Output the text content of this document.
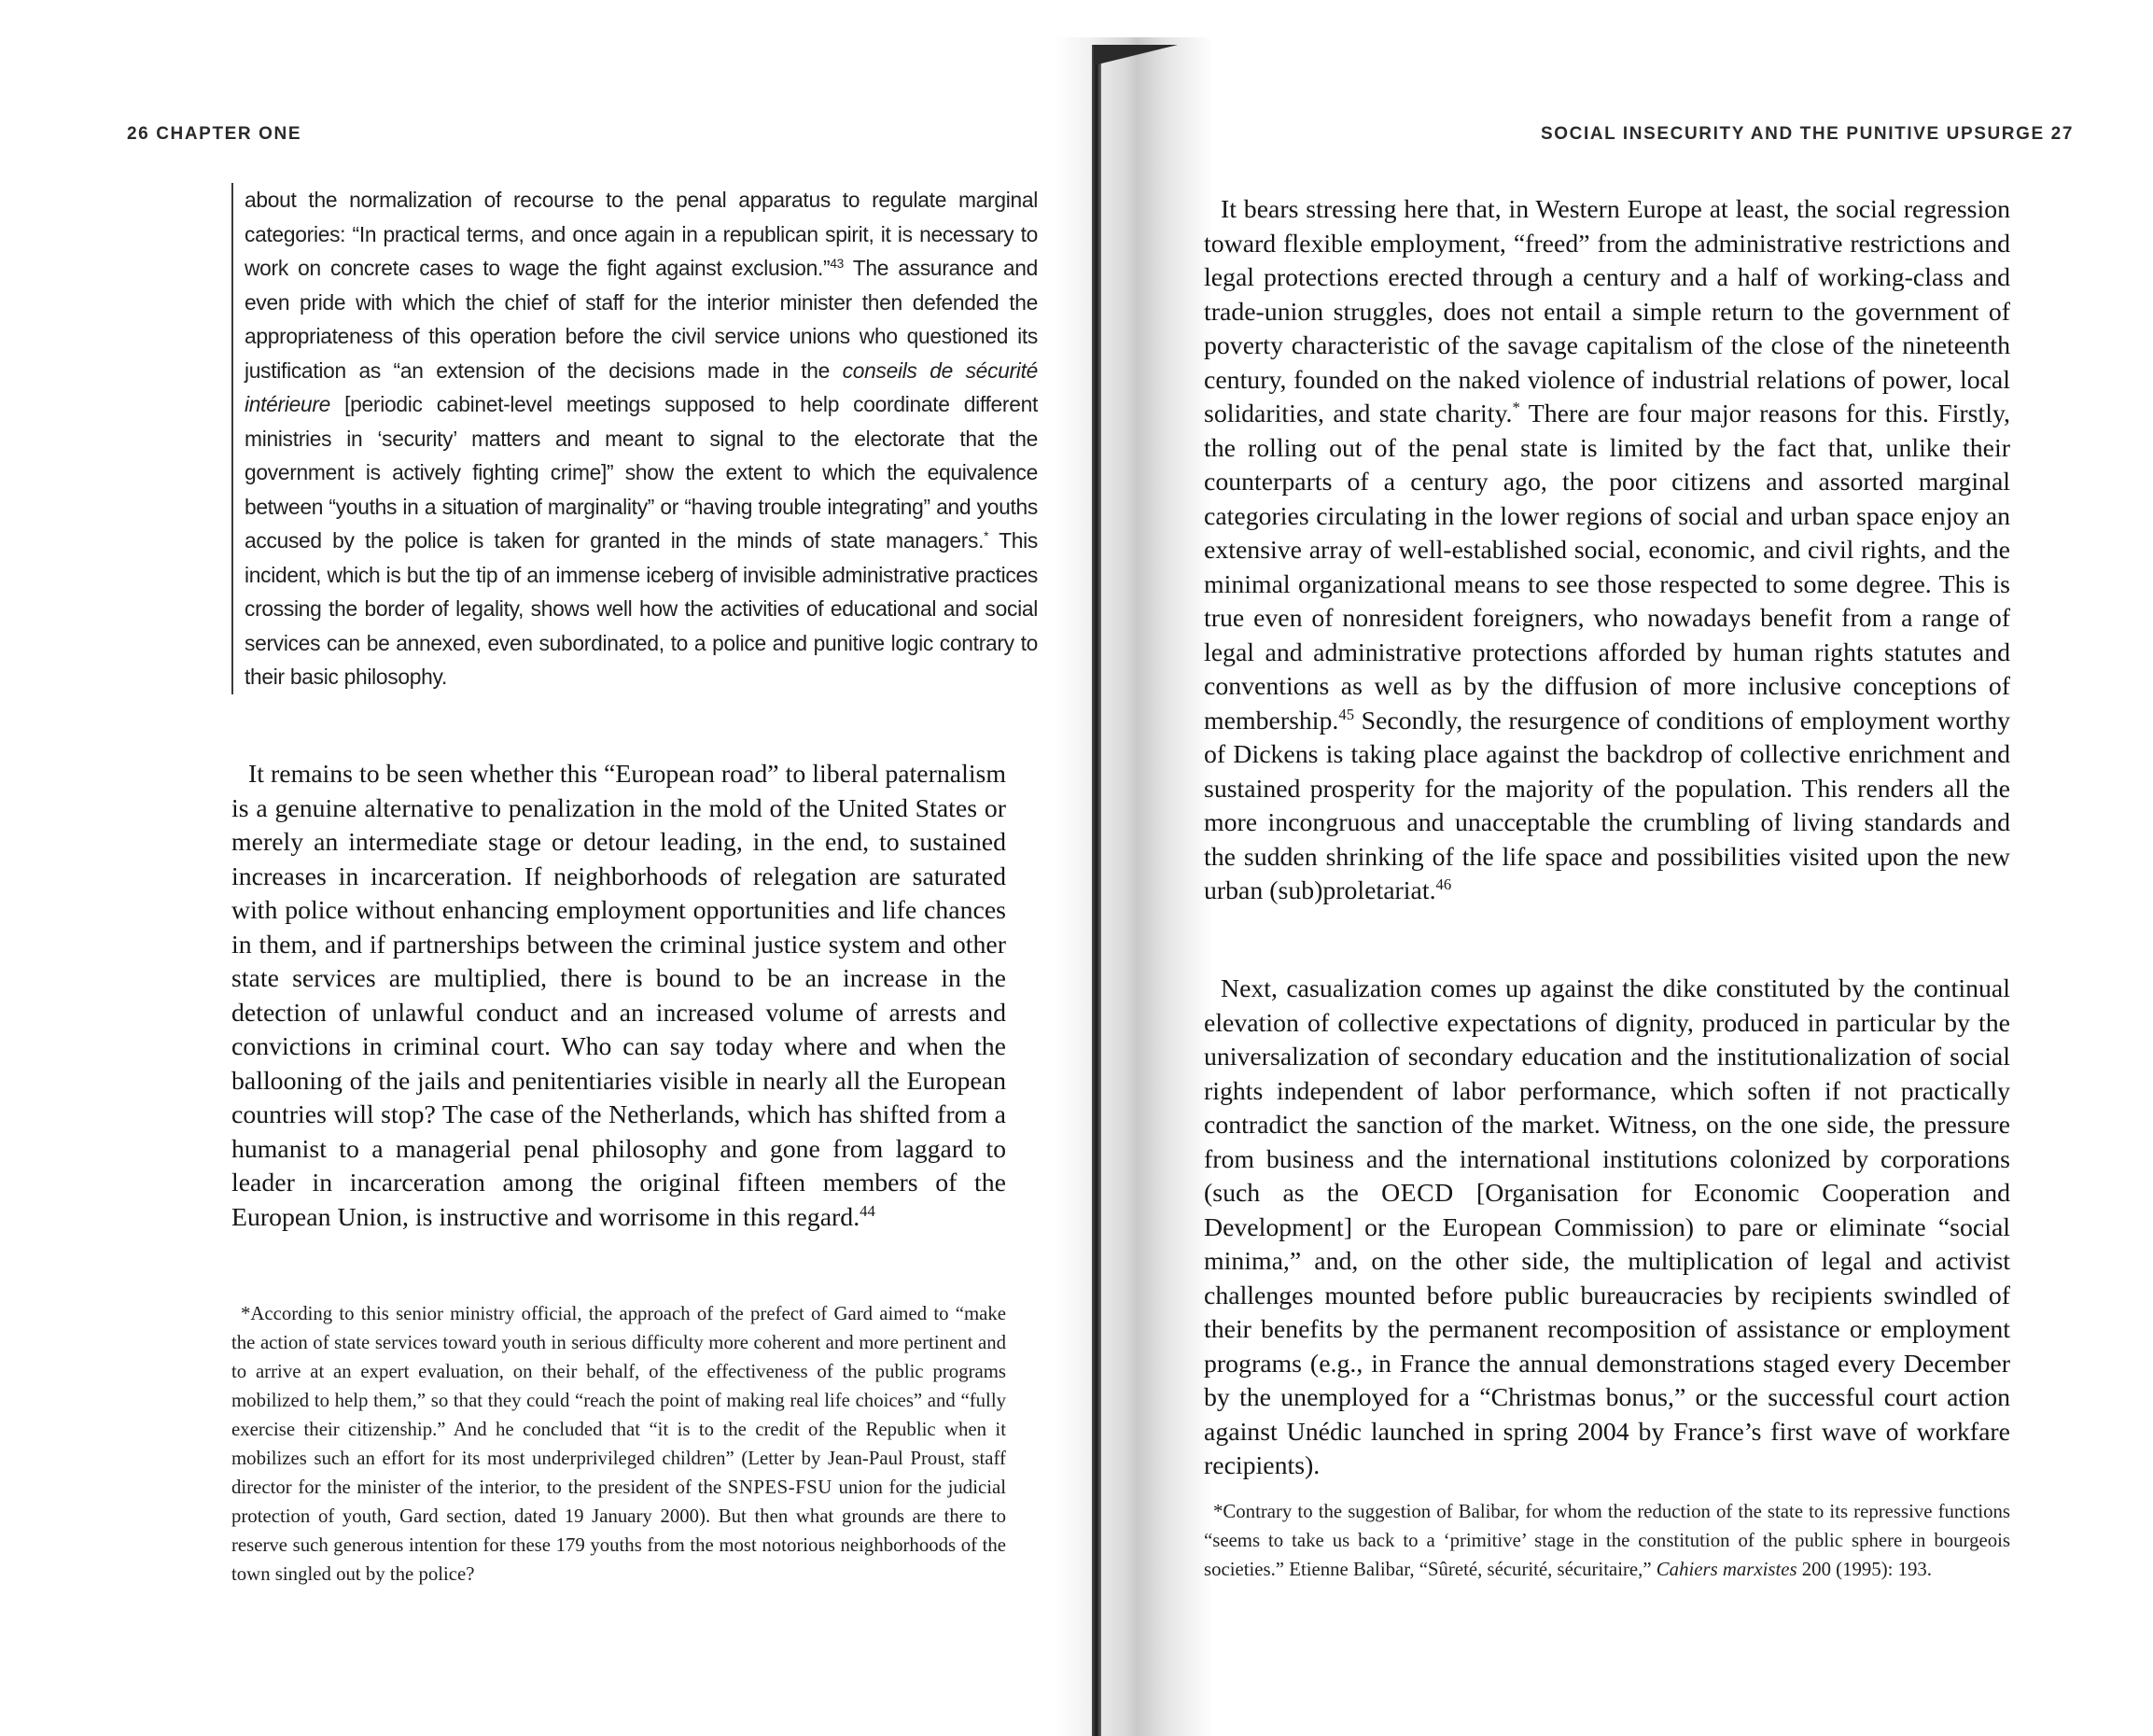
26 CHAPTER ONE

about the normalization of recourse to the penal apparatus to regulate marginal categories: “In practical terms, and once again in a republican spirit, it is necessary to work on concrete cases to wage the fight against exclusion.”$^{43}$ The assurance and even pride with which the chief of staff for the interior minister then defended the appropriateness of this operation before the civil service unions who questioned its justification as “an extension of the decisions made in the conseils de sécurité intérieure [periodic cabinet-level meetings supposed to help coordinate different ministries in ‘security’ matters and meant to signal to the electorate that the government is actively fighting crime]” show the extent to which the equivalence between “youths in a situation of marginality” or “having trouble integrating” and youths accused by the police is taken for granted in the minds of state managers.* This incident, which is but the tip of an immense iceberg of invisible administrative practices crossing the border of legality, shows well how the activities of educational and social services can be annexed, even subordinated, to a police and punitive logic contrary to their basic philosophy.

It remains to be seen whether this “European road” to liberal paternalism is a genuine alternative to penalization in the mold of the United States or merely an intermediate stage or detour leading, in the end, to sustained increases in incarceration. If neighborhoods of relegation are saturated with police without enhancing employment opportunities and life chances in them, and if partnerships between the criminal justice system and other state services are multiplied, there is bound to be an increase in the detection of unlawful conduct and an increased volume of arrests and convictions in criminal court. Who can say today where and when the ballooning of the jails and penitentiaries visible in nearly all the European countries will stop? The case of the Netherlands, which has shifted from a humanist to a managerial penal philosophy and gone from laggard to leader in incarceration among the original fifteen members of the European Union, is instructive and worrisome in this regard.$^{44}$

*According to this senior ministry official, the approach of the prefect of Gard aimed to “make the action of state services toward youth in serious difficulty more coherent and more pertinent and to arrive at an expert evaluation, on their behalf, of the effectiveness of the public programs mobilized to help them,” so that they could “reach the point of making real life choices” and “fully exercise their citizenship.” And he concluded that “it is to the credit of the Republic when it mobilizes such an effort for its most underprivileged children” (Letter by Jean-Paul Proust, staff director for the minister of the interior, to the president of the SNPES-FSU union for the judicial protection of youth, Gard section, dated 19 January 2000). But then what grounds are there to reserve such generous intention for these 179 youths from the most notorious neighborhoods of the town singled out by the police?

SOCIAL INSECURITY AND THE PUNITIVE UPSURGE 27

It bears stressing here that, in Western Europe at least, the social regression toward flexible employment, “freed” from the administrative restrictions and legal protections erected through a century and a half of working-class and trade-union struggles, does not entail a simple return to the government of poverty characteristic of the savage capitalism of the close of the nineteenth century, founded on the naked violence of industrial relations of power, local solidarities, and state charity.* There are four major reasons for this. Firstly, the rolling out of the penal state is limited by the fact that, unlike their counterparts of a century ago, the poor citizens and assorted marginal categories circulating in the lower regions of social and urban space enjoy an extensive array of well-established social, economic, and civil rights, and the minimal organizational means to see those respected to some degree. This is true even of nonresident foreigners, who nowadays benefit from a range of legal and administrative protections afforded by human rights statutes and conventions as well as by the diffusion of more inclusive conceptions of membership.$^{45}$ Secondly, the resurgence of conditions of employment worthy of Dickens is taking place against the backdrop of collective enrichment and sustained prosperity for the majority of the population. This renders all the more incongruous and unacceptable the crumbling of living standards and the sudden shrinking of the life space and possibilities visited upon the new urban (sub)proletariat.$^{46}$

Next, casualization comes up against the dike constituted by the continual elevation of collective expectations of dignity, produced in particular by the universalization of secondary education and the institutionalization of social rights independent of labor performance, which soften if not practically contradict the sanction of the market. Witness, on the one side, the pressure from business and the international institutions colonized by corporations (such as the OECD [Organisation for Economic Cooperation and Development] or the European Commission) to pare or eliminate “social minima,” and, on the other side, the multiplication of legal and activist challenges mounted before public bureaucracies by recipients swindled of their benefits by the permanent recomposition of assistance or employment programs (e.g., in France the annual demonstrations staged every December by the unemployed for a “Christmas bonus,” or the successful court action against Unédic launched in spring 2004 by France’s first wave of workfare recipients).

*Contrary to the suggestion of Balibar, for whom the reduction of the state to its repressive functions “seems to take us back to a ‘primitive’ stage in the constitution of the public sphere in bourgeois societies.” Etienne Balibar, “Sûreté, sécurité, sécuritaire,” Cahiers marxistes 200 (1995): 193.
